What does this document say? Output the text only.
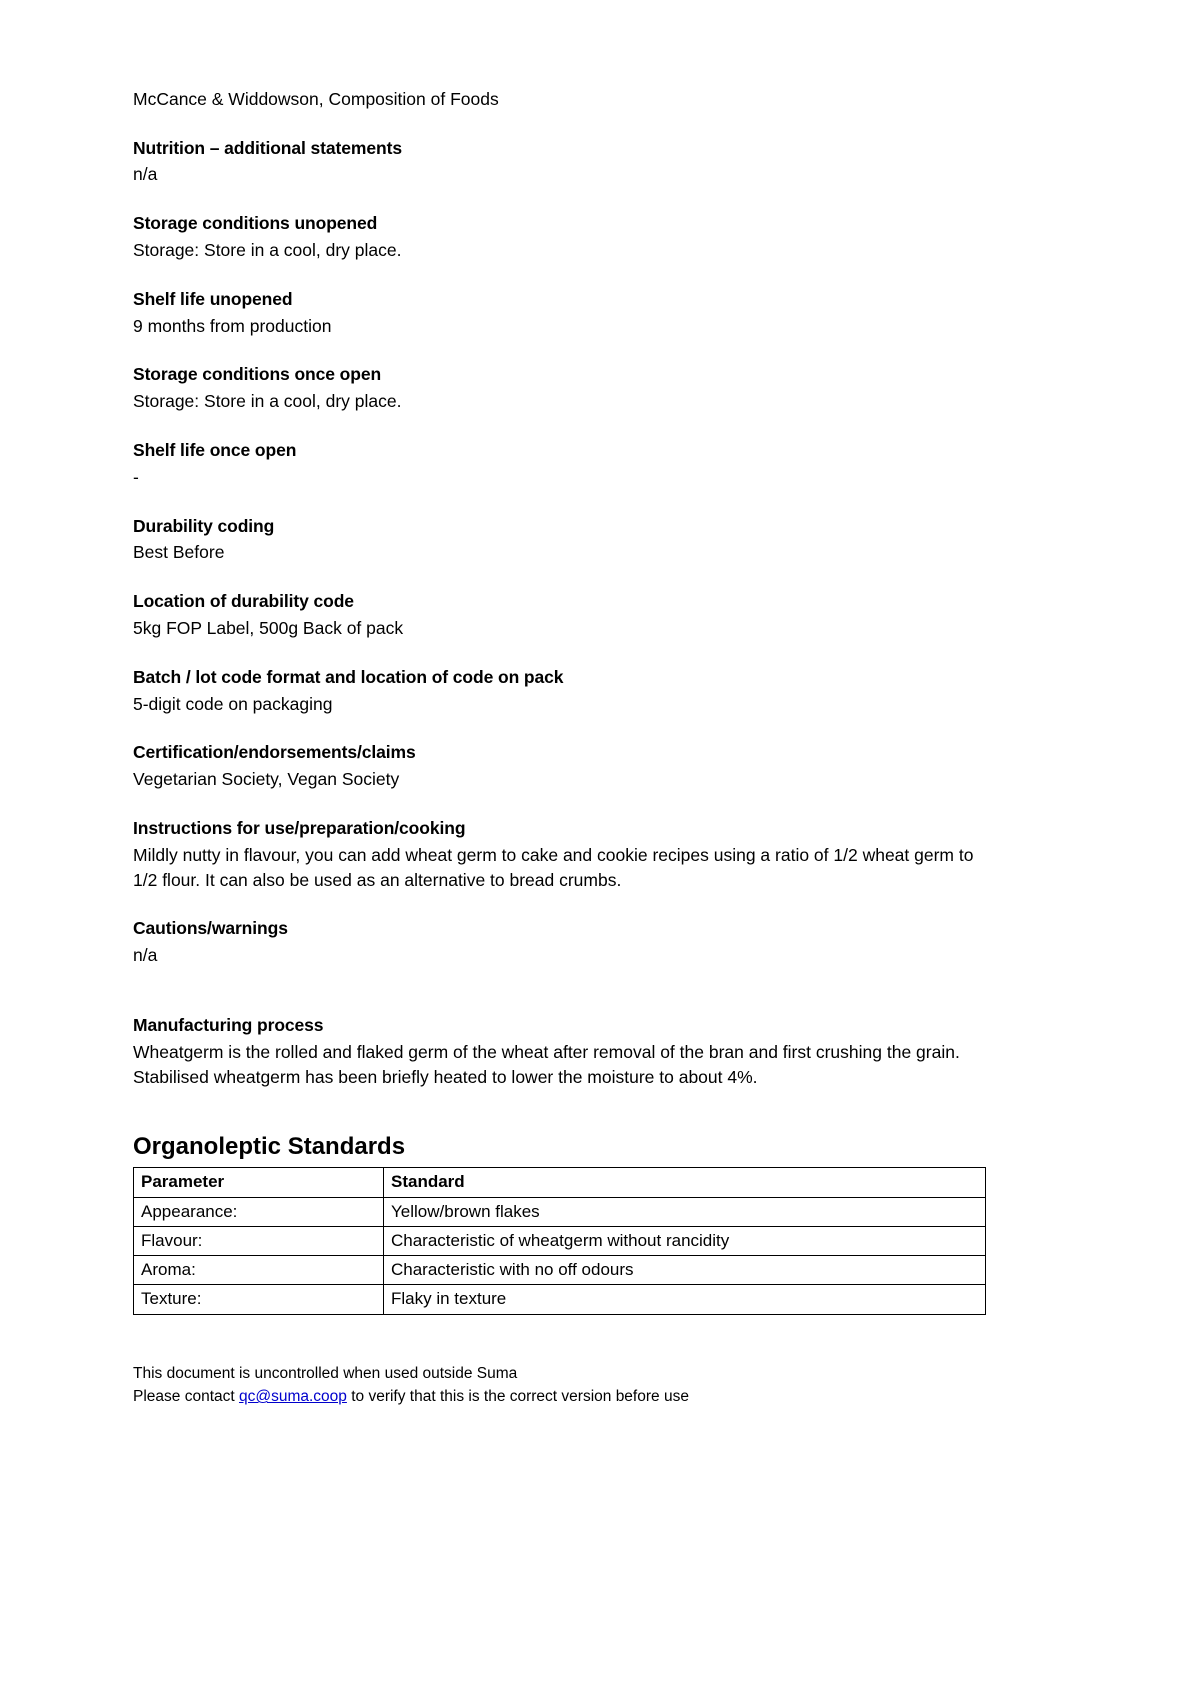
McCance & Widdowson, Composition of Foods

Nutrition – additional statements

n/a

Storage conditions unopened

Storage: Store in a cool, dry place.

Shelf life unopened

9 months from production

Storage conditions once open

Storage: Store in a cool, dry place.

Shelf life once open

-

Durability coding

Best Before

Location of durability code

5kg FOP Label, 500g Back of pack

Batch / lot code format and location of code on pack

5-digit code on packaging

Certification/endorsements/claims

Vegetarian Society, Vegan Society

Instructions for use/preparation/cooking

Mildly nutty in flavour, you can add wheat germ to cake and cookie recipes using a ratio of 1/2 wheat germ to 1/2 flour. It can also be used as an alternative to bread crumbs.

Cautions/warnings

n/a

Manufacturing process

Wheatgerm is the rolled and flaked germ of the wheat after removal of the bran and first crushing the grain. Stabilised wheatgerm has been briefly heated to lower the moisture to about 4%.

Organoleptic Standards
Parameter	Standard
Appearance:	Yellow/brown flakes
Flavour:	Characteristic of wheatgerm without rancidity
Aroma:	Characteristic with no off odours
Texture:	Flaky in texture
This document is uncontrolled when used outside Suma
Please contact qc@suma.coop to verify that this is the correct version before use
